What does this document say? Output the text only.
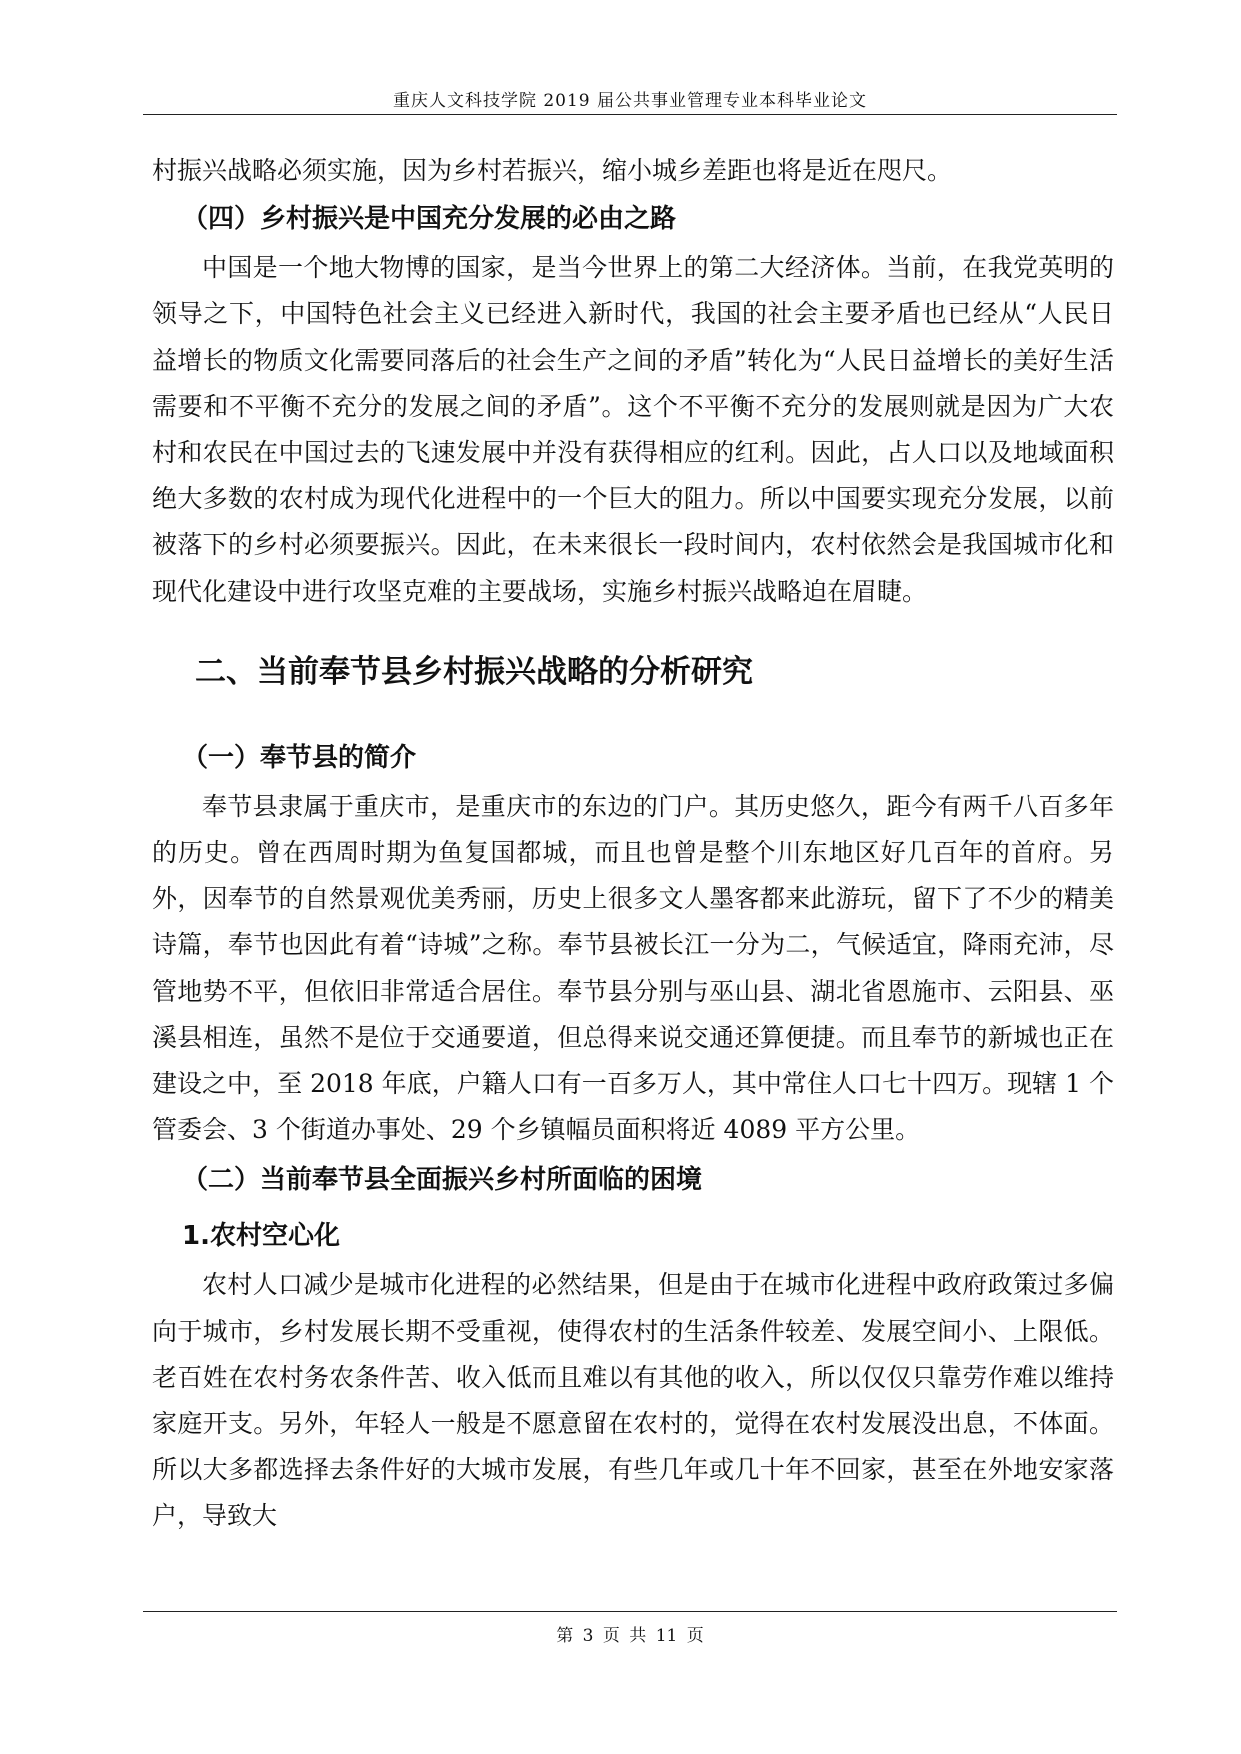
重庆人文科技学院 2019 届公共事业管理专业本科毕业论文

村振兴战略必须实施，因为乡村若振兴，缩小城乡差距也将是近在咫尺。

（四）乡村振兴是中国充分发展的必由之路

中国是一个地大物博的国家，是当今世界上的第二大经济体。当前，在我党英明的领导之下，中国特色社会主义已经进入新时代，我国的社会主要矛盾也已经从“人民日益增长的物质文化需要同落后的社会生产之间的矛盾”转化为“人民日益增长的美好生活需要和不平衡不充分的发展之间的矛盾”。这个不平衡不充分的发展则就是因为广大农村和农民在中国过去的飞速发展中并没有获得相应的红利。因此，占人口以及地域面积绝大多数的农村成为现代化进程中的一个巨大的阻力。所以中国要实现充分发展，以前被落下的乡村必须要振兴。因此，在未来很长一段时间内，农村依然会是我国城市化和现代化建设中进行攻坚克难的主要战场，实施乡村振兴战略迫在眉睫。

二、当前奉节县乡村振兴战略的分析研究

（一）奉节县的简介

奉节县隶属于重庆市，是重庆市的东边的门户。其历史悠久，距今有两千八百多年的历史。曾在西周时期为鱼复国都城，而且也曾是整个川东地区好几百年的首府。另外，因奉节的自然景观优美秀丽，历史上很多文人墨客都来此游玩，留下了不少的精美诗篇，奉节也因此有着“诗城”之称。奉节县被长江一分为二，气候适宜，降雨充沛，尽管地势不平，但依旧非常适合居住。奉节县分别与巫山县、湖北省恩施市、云阳县、巫溪县相连，虽然不是位于交通要道，但总得来说交通还算便捷。而且奉节的新城也正在建设之中，至 2018 年底，户籍人口有一百多万人，其中常住人口七十四万。现辖 1 个管委会、3 个街道办事处、29 个乡镇幅员面积将近 4089 平方公里。

（二）当前奉节县全面振兴乡村所面临的困境

1.农村空心化

农村人口减少是城市化进程的必然结果，但是由于在城市化进程中政府政策过多偏向于城市，乡村发展长期不受重视，使得农村的生活条件较差、发展空间小、上限低。老百姓在农村务农条件苦、收入低而且难以有其他的收入，所以仅仅只靠劳作难以维持家庭开支。另外，年轻人一般是不愿意留在农村的，觉得在农村发展没出息，不体面。所以大多都选择去条件好的大城市发展，有些几年或几十年不回家，甚至在外地安家落户，导致大

第 3 页 共 11 页
